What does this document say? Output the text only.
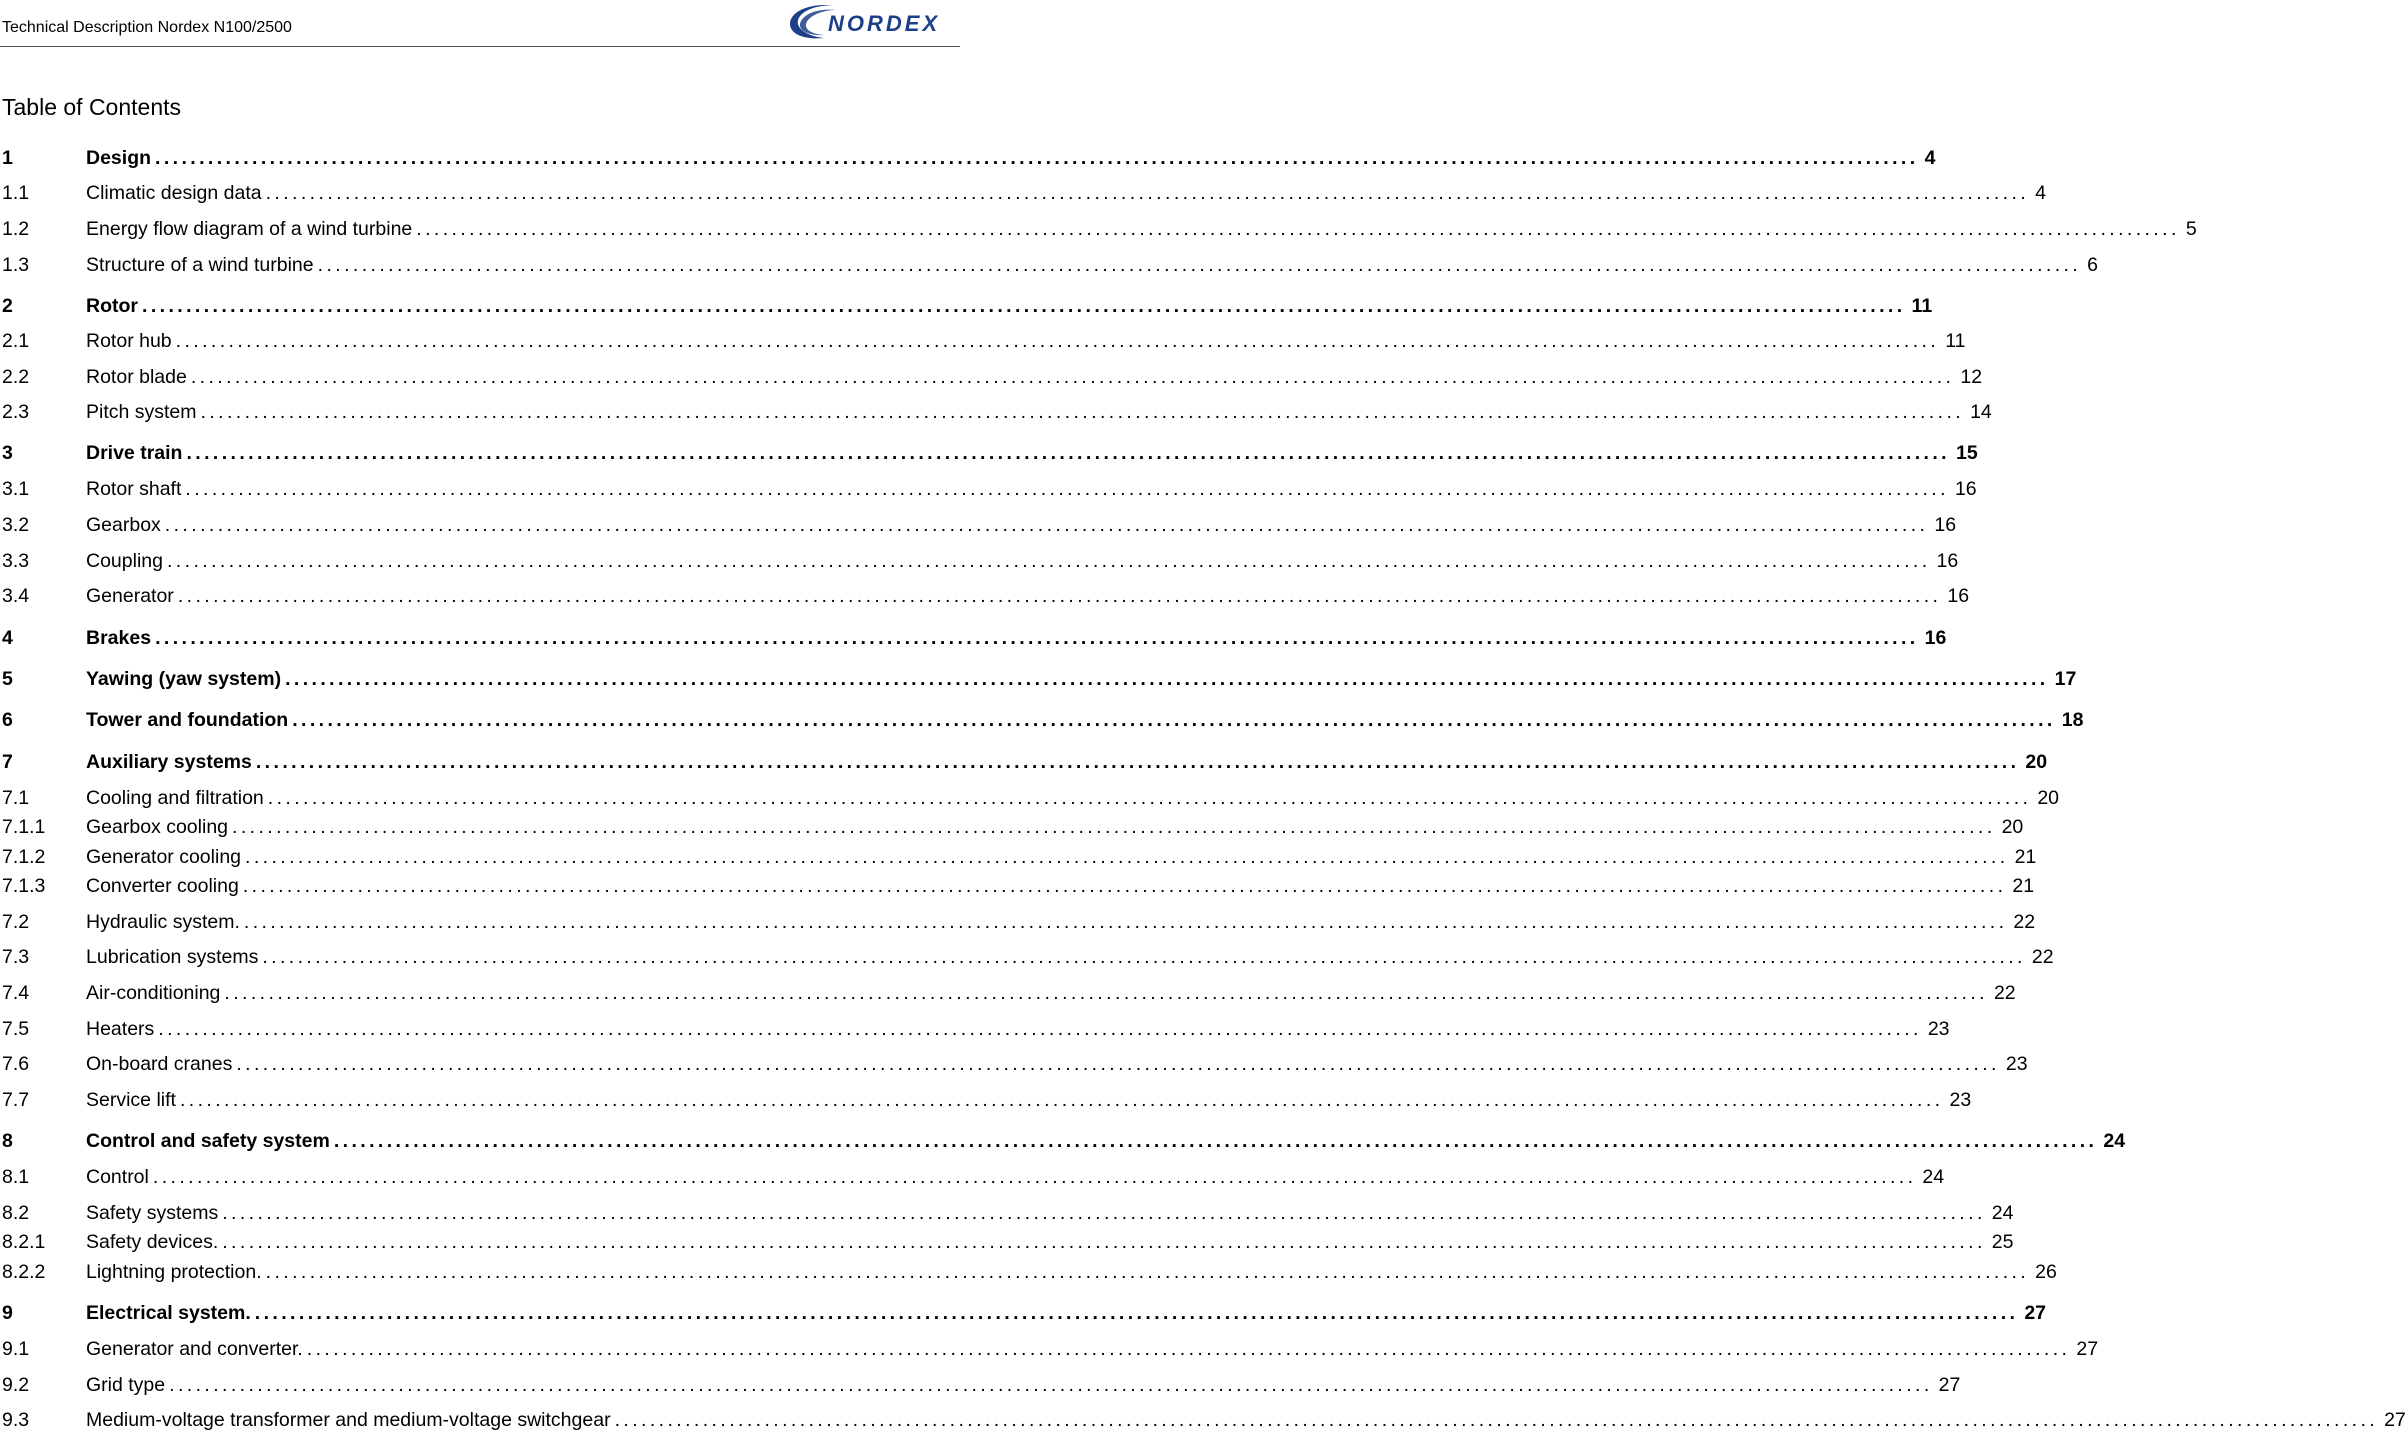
Technical Description Nordex N100/2500	NORDEX
Table of Contents
1	Design ........................................................................................................................................................................................................ 4
1.1	Climatic design data ........................................................................................................................................................................................................ 4
1.2	Energy flow diagram of a wind turbine ........................................................................................................................................................................................................ 5
1.3	Structure of a wind turbine ........................................................................................................................................................................................................ 6
2	Rotor ........................................................................................................................................................................................................ 11
2.1	Rotor hub ........................................................................................................................................................................................................ 11
2.2	Rotor blade ........................................................................................................................................................................................................ 12
2.3	Pitch system ........................................................................................................................................................................................................ 14
3	Drive train ........................................................................................................................................................................................................ 15
3.1	Rotor shaft ........................................................................................................................................................................................................ 16
3.2	Gearbox ........................................................................................................................................................................................................ 16
3.3	Coupling ........................................................................................................................................................................................................ 16
3.4	Generator ........................................................................................................................................................................................................ 16
4	Brakes ........................................................................................................................................................................................................ 16
5	Yawing (yaw system) ........................................................................................................................................................................................................ 17
6	Tower and foundation ........................................................................................................................................................................................................ 18
7	Auxiliary systems ........................................................................................................................................................................................................ 20
7.1	Cooling and filtration ........................................................................................................................................................................................................ 20
7.1.1	Gearbox cooling ........................................................................................................................................................................................................ 20
7.1.2	Generator cooling ........................................................................................................................................................................................................ 21
7.1.3	Converter cooling ........................................................................................................................................................................................................ 21
7.2	Hydraulic system. ........................................................................................................................................................................................................ 22
7.3	Lubrication systems ........................................................................................................................................................................................................ 22
7.4	Air-conditioning ........................................................................................................................................................................................................ 22
7.5	Heaters ........................................................................................................................................................................................................ 23
7.6	On-board cranes ........................................................................................................................................................................................................ 23
7.7	Service lift ........................................................................................................................................................................................................ 23
8	Control and safety system ........................................................................................................................................................................................................ 24
8.1	Control ........................................................................................................................................................................................................ 24
8.2	Safety systems ........................................................................................................................................................................................................ 24
8.2.1	Safety devices. ........................................................................................................................................................................................................ 25
8.2.2	Lightning protection. ........................................................................................................................................................................................................ 26
9	Electrical system. ........................................................................................................................................................................................................ 27
9.1	Generator and converter. ........................................................................................................................................................................................................ 27
9.2	Grid type ........................................................................................................................................................................................................ 27
9.3	Medium-voltage transformer and medium-voltage switchgear ........................................................................................................................................................................................................ 27
